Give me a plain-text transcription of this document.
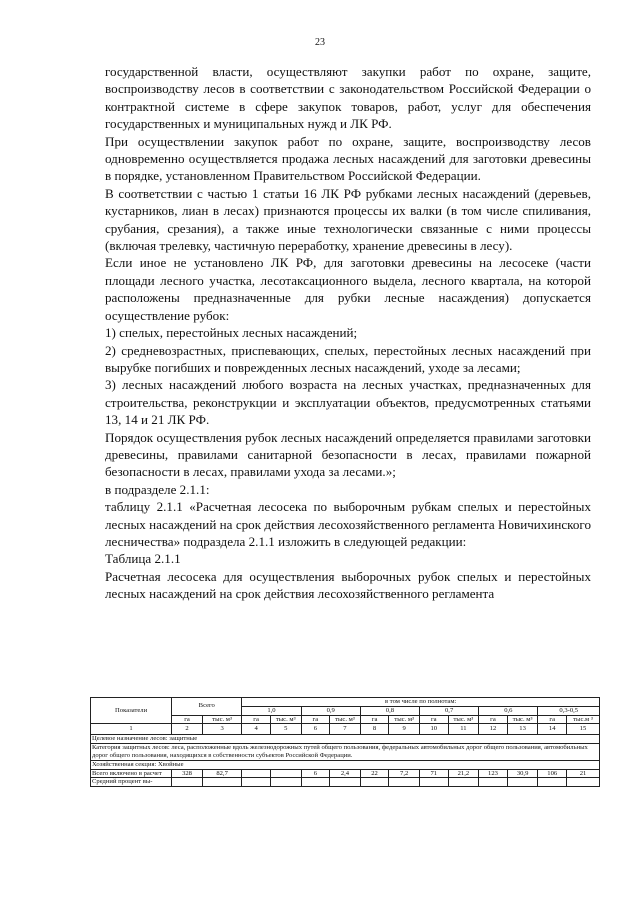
23

государственной власти, осуществляют закупки работ по охране, защите, воспроизводству лесов в соответствии с законодательством Российской Федерации о контрактной системе в сфере закупок товаров, работ, услуг для обеспечения государственных и муниципальных нужд и ЛК РФ.

При осуществлении закупок работ по охране, защите, воспроизводству лесов одновременно осуществляется продажа лесных насаждений для заготовки древесины в порядке, установленном Правительством Российской Федерации.

В соответствии с частью 1 статьи 16 ЛК РФ рубками лесных насаждений (деревьев, кустарников, лиан в лесах) признаются процессы их валки (в том числе спиливания, срубания, срезания), а также иные технологически связанные с ними процессы (включая трелевку, частичную переработку, хранение древесины в лесу).

Если иное не установлено ЛК РФ, для заготовки древесины на лесосеке (части площади лесного участка, лесотаксационного выдела, лесного квартала, на которой расположены предназначенные для рубки лесные насаждения) допускается осуществление рубок:

1) спелых, перестойных лесных насаждений;

2) средневозрастных, приспевающих, спелых, перестойных лесных насаждений при вырубке погибших и поврежденных лесных насаждений, уходе за лесами;

3) лесных насаждений любого возраста на лесных участках, предназначенных для строительства, реконструкции и эксплуатации объектов, предусмотренных статьями 13, 14 и 21 ЛК РФ.

Порядок осуществления рубок лесных насаждений определяется правилами заготовки древесины, правилами санитарной безопасности в лесах, правилами пожарной безопасности в лесах, правилами ухода за лесами.»;

в подразделе 2.1.1:

таблицу 2.1.1 «Расчетная лесосека по выборочным рубкам спелых и перестойных лесных насаждений на срок действия лесохозяйственного регламента Новичихинского лесничества» подраздела 2.1.1 изложить в следующей редакции:

Таблица 2.1.1

Расчетная лесосека для осуществления выборочных рубок спелых и перестойных лесных насаждений на срок действия лесохозяйственного регламента

Показатели	Всего		в том числе по полнотам:											
			1,0		0,9		0,8		0,7		0,6		0,3-0,5	
	га	тыс. м³	га	тыс. м³	га	тыс. м³	га	тыс. м³	га	тыс. м³	га	тыс. м³	га	тыс.м ³
1	2	3	4	5	6	7	8	9	10	11	12	13	14	15
Целевое назначение лесов: защитные														
Категория защитных лесов: леса, расположенные вдоль железнодорожных путей общего пользования, федеральных автомобильных дорог общего пользования, автомобильных дорог общего пользования, находящихся в собственности субъектов Российской Федерации.														
Хозяйственная секция: Хвойные														
Всего включено в расчет	328	82,7			6	2,4	22	7,2	71	21,2	123	30,9	106	21
Средний процент вы-														
